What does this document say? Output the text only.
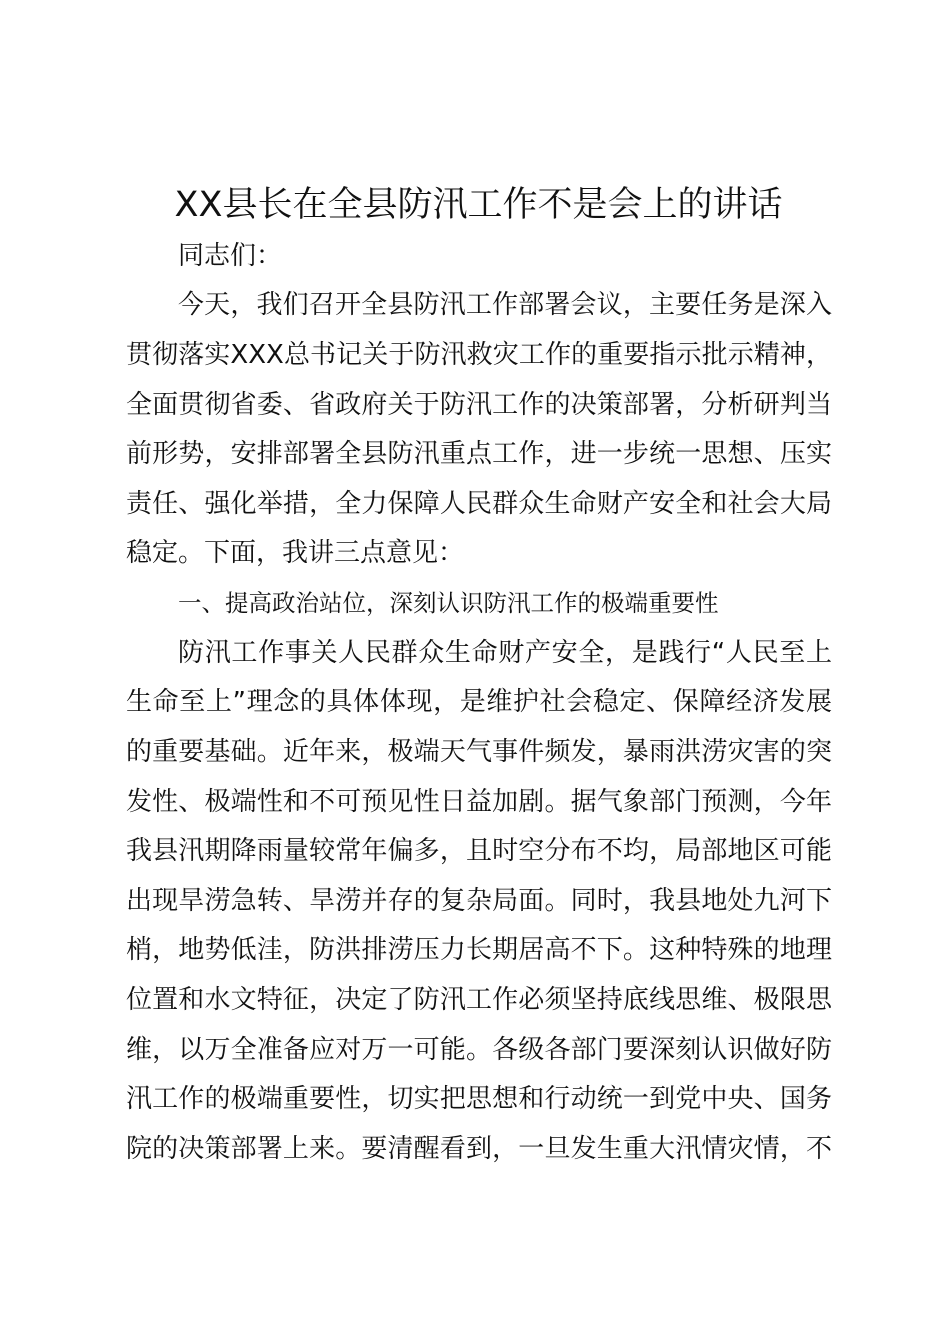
XX县长在全县防汛工作不是会上的讲话
同志们：
今天，我们召开全县防汛工作部署会议，主要任务是深入
贯彻落实XXX总书记关于防汛救灾工作的重要指示批示精神，
全面贯彻省委、省政府关于防汛工作的决策部署，分析研判当
前形势，安排部署全县防汛重点工作，进一步统一思想、压实
责任、强化举措，全力保障人民群众生命财产安全和社会大局
稳定。下面，我讲三点意见：
一、提高政治站位，深刻认识防汛工作的极端重要性
防汛工作事关人民群众生命财产安全，是践行“人民至上
生命至上”理念的具体体现，是维护社会稳定、保障经济发展
的重要基础。近年来，极端天气事件频发，暴雨洪涝灾害的突
发性、极端性和不可预见性日益加剧。据气象部门预测，今年
我县汛期降雨量较常年偏多，且时空分布不均，局部地区可能
出现旱涝急转、旱涝并存的复杂局面。同时，我县地处九河下
梢，地势低洼，防洪排涝压力长期居高不下。这种特殊的地理
位置和水文特征，决定了防汛工作必须坚持底线思维、极限思
维，以万全准备应对万一可能。各级各部门要深刻认识做好防
汛工作的极端重要性，切实把思想和行动统一到党中央、国务
院的决策部署上来。要清醒看到，一旦发生重大汛情灾情，不
